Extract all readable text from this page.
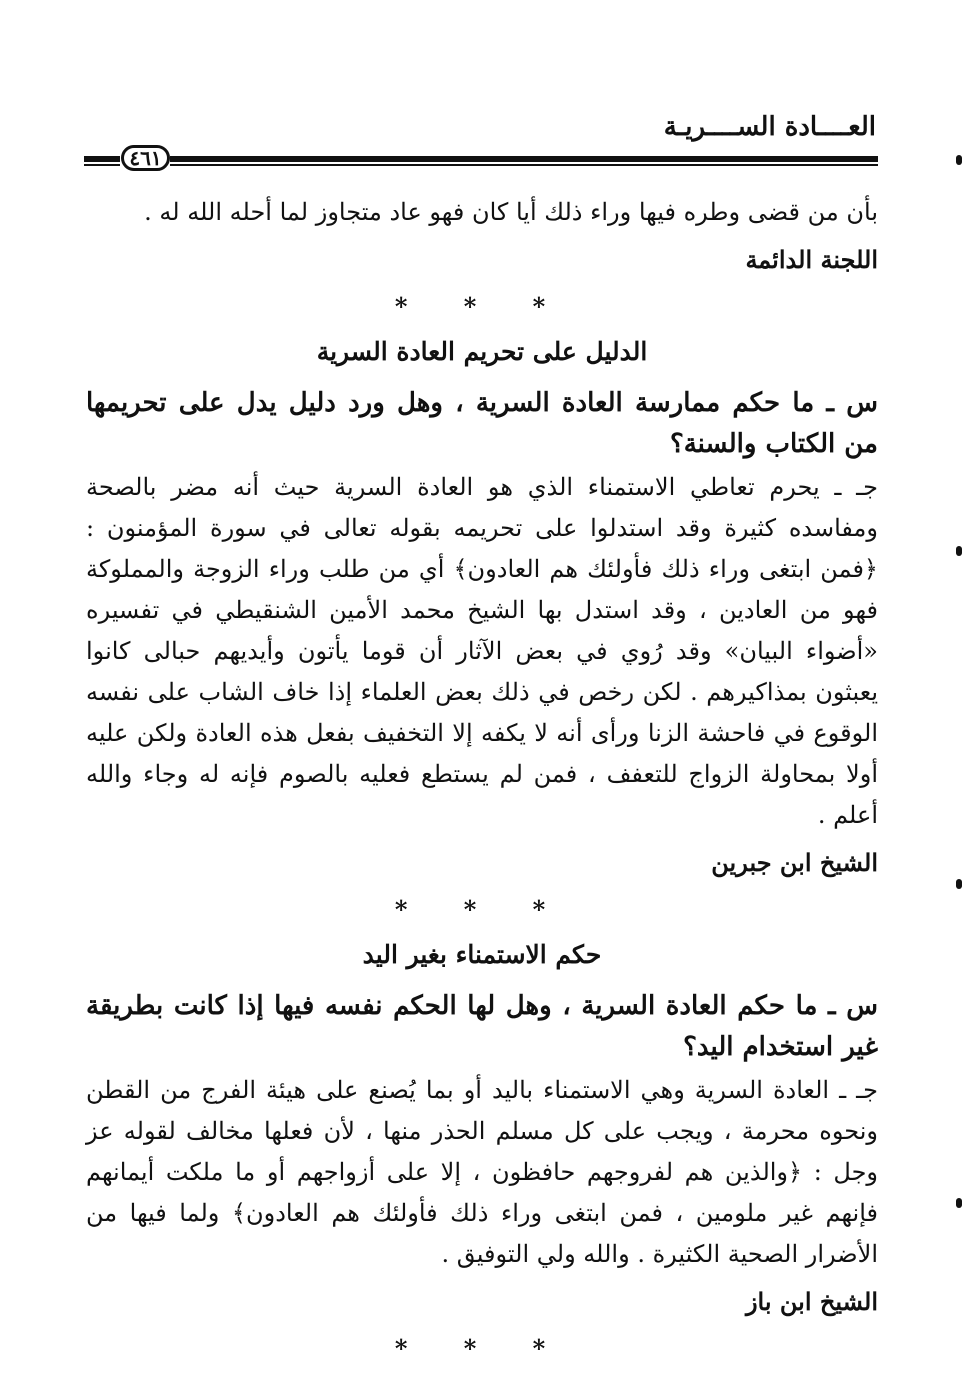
العــــادة الســــريـة
٤٦١

بأن من قضى وطره فيها وراء ذلك أيا كان فهو عاد متجاوز لما أحله الله له .

اللجنة الدائمة

* * *

الدليل على تحريم العادة السرية

س ـ ما حكم ممارسة العادة السرية ، وهل ورد دليل يدل على تحريمها من الكتاب والسنة؟

جـ ـ يحرم تعاطي الاستمناء الذي هو العادة السرية حيث أنه مضر بالصحة ومفاسده كثيرة وقد استدلوا على تحريمه بقوله تعالى في سورة المؤمنون : ﴿فمن ابتغى وراء ذلك فأولئك هم العادون﴾ أي من طلب وراء الزوجة والمملوكة فهو من العادين ، وقد استدل بها الشيخ محمد الأمين الشنقيطي في تفسيره «أضواء البيان» وقد رُوي في بعض الآثار أن قوما يأتون وأيديهم حبالى كانوا يعبثون بمذاكيرهم . لكن رخص في ذلك بعض العلماء إذا خاف الشاب على نفسه الوقوع في فاحشة الزنا ورأى أنه لا يكفه إلا التخفيف بفعل هذه العادة ولكن عليه أولا بمحاولة الزواج للتعفف ، فمن لم يستطع فعليه بالصوم فإنه له وجاء والله أعلم .

الشيخ ابن جبرين

* * *

حكم الاستمناء بغير اليد

س ـ ما حكم العادة السرية ، وهل لها الحكم نفسه فيها إذا كانت بطريقة غير استخدام اليد؟

جـ ـ العادة السرية وهي الاستمناء باليد أو بما يُصنع على هيئة الفرج من القطن ونحوه محرمة ، ويجب على كل مسلم الحذر منها ، لأن فعلها مخالف لقوله عز وجل : ﴿والذين هم لفروجهم حافظون ، إلا على أزواجهم أو ما ملكت أيمانهم فإنهم غير ملومين ، فمن ابتغى وراء ذلك فأولئك هم العادون﴾ ولما فيها من الأضرار الصحية الكثيرة . والله ولي التوفيق .

الشيخ ابن باز

* * *
